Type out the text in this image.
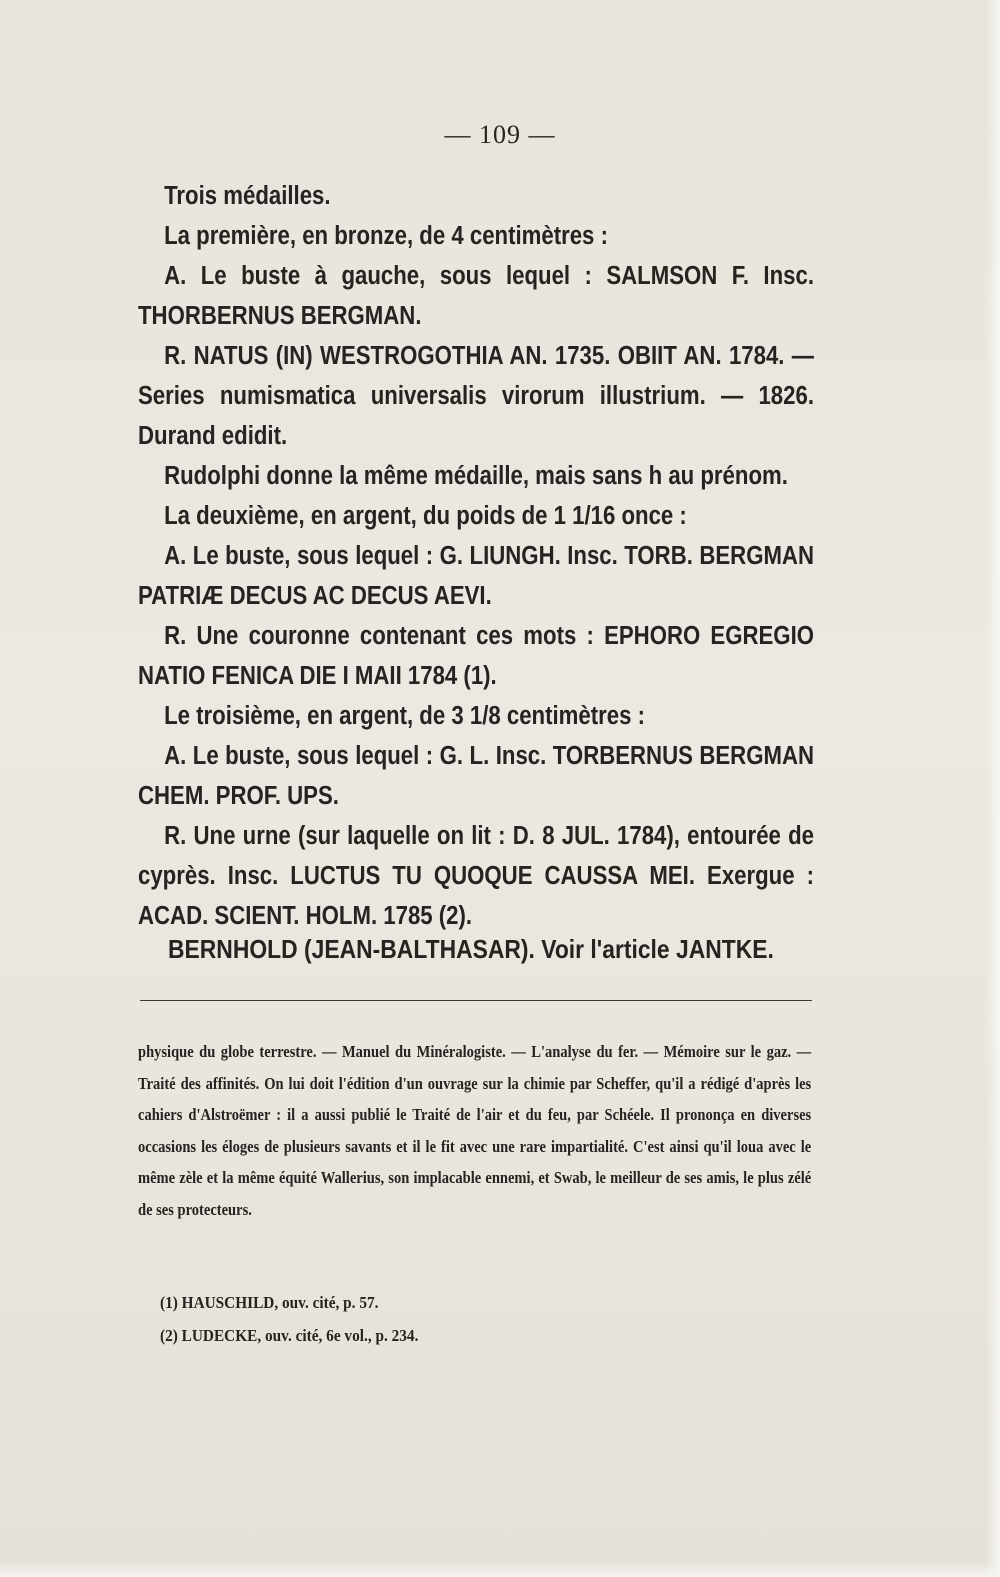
— 109 —

Trois médailles.

La première, en bronze, de 4 centimètres :

A. Le buste à gauche, sous lequel : SALMSON F. Insc. THORBERNUS BERGMAN.

R. NATUS (IN) WESTROGOTHIA AN. 1735. OBIIT AN. 1784. — Series numismatica universalis virorum illustrium. — 1826. Durand edidit.

Rudolphi donne la même médaille, mais sans h au prénom.

La deuxième, en argent, du poids de 1 1/16 once :

A. Le buste, sous lequel : G. LIUNGH. Insc. TORB. BERGMAN PATRIÆ DECUS AC DECUS AEVI.

R. Une couronne contenant ces mots : EPHORO EGREGIO NATIO FENICA DIE I MAII 1784 (1).

Le troisième, en argent, de 3 1/8 centimètres :

A. Le buste, sous lequel : G. L. Insc. TORBERNUS BERGMAN CHEM. PROF. UPS.

R. Une urne (sur laquelle on lit : D. 8 JUL. 1784), entourée de cyprès. Insc. LUCTUS TU QUOQUE CAUSSA MEI. Exergue : ACAD. SCIENT. HOLM. 1785 (2).

BERNHOLD (JEAN-BALTHASAR). Voir l'article JANTKE.

physique du globe terrestre. — Manuel du Minéralogiste. — L'analyse du fer. — Mémoire sur le gaz. — Traité des affinités. On lui doit l'édition d'un ouvrage sur la chimie par Scheffer, qu'il a rédigé d'après les cahiers d'Alstroëmer : il a aussi publié le Traité de l'air et du feu, par Schéele. Il prononça en diverses occasions les éloges de plusieurs savants et il le fit avec une rare impartialité. C'est ainsi qu'il loua avec le même zèle et la même équité Wallerius, son implacable ennemi, et Swab, le meilleur de ses amis, le plus zélé de ses protecteurs.

(1) HAUSCHILD, ouv. cité, p. 57.
(2) LUDECKE, ouv. cité, 6e vol., p. 234.
